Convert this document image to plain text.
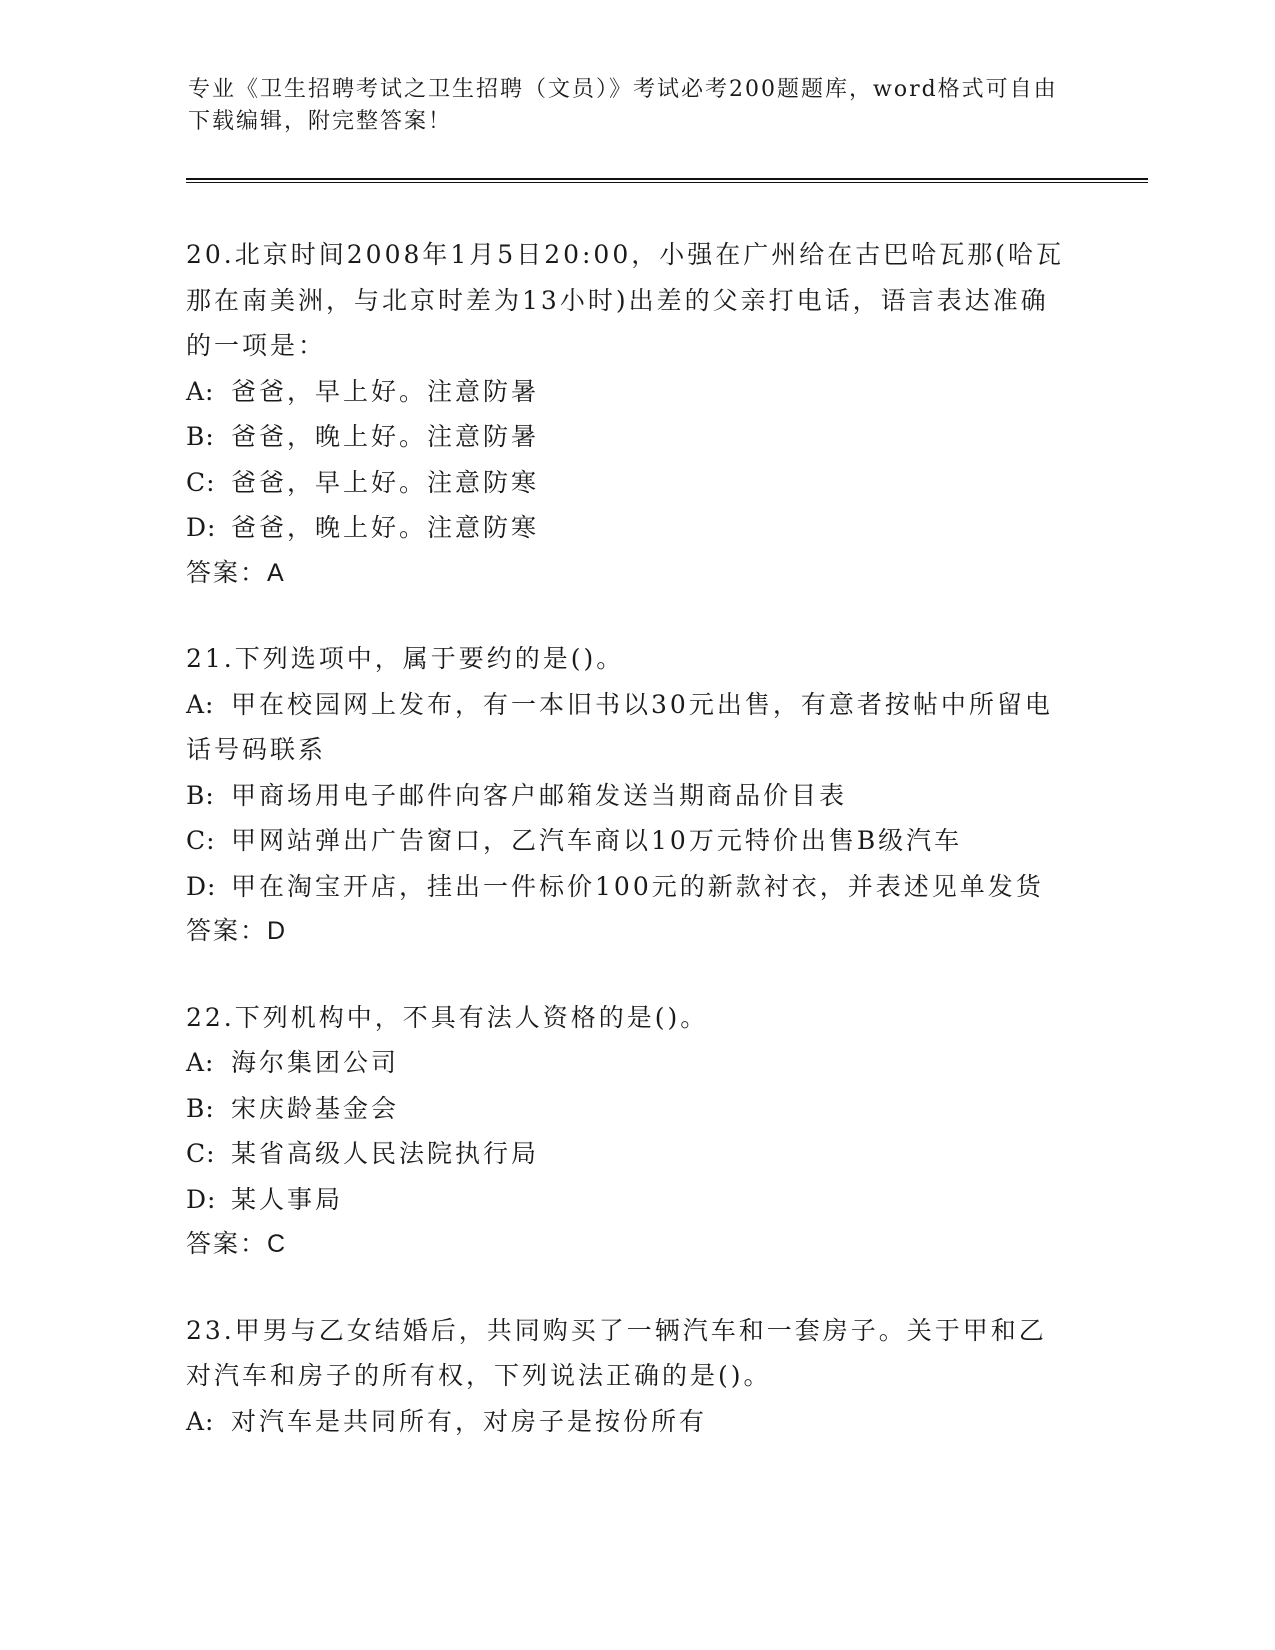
专业《卫生招聘考试之卫生招聘（文员）》考试必考200题题库，word格式可自由下载编辑，附完整答案！
20.北京时间2008年1月5日20:00，小强在广州给在古巴哈瓦那(哈瓦那在南美洲，与北京时差为13小时)出差的父亲打电话，语言表达准确的一项是：
A: 爸爸，早上好。注意防暑
B: 爸爸，晚上好。注意防暑
C: 爸爸，早上好。注意防寒
D: 爸爸，晚上好。注意防寒
答案：A
21.下列选项中，属于要约的是()。
A: 甲在校园网上发布，有一本旧书以30元出售，有意者按帖中所留电话号码联系
B: 甲商场用电子邮件向客户邮箱发送当期商品价目表
C: 甲网站弹出广告窗口，乙汽车商以10万元特价出售B级汽车
D: 甲在淘宝开店，挂出一件标价100元的新款衬衣，并表述见单发货
答案：D
22.下列机构中，不具有法人资格的是()。
A: 海尔集团公司
B: 宋庆龄基金会
C: 某省高级人民法院执行局
D: 某人事局
答案：C
23.甲男与乙女结婚后，共同购买了一辆汽车和一套房子。关于甲和乙对汽车和房子的所有权，下列说法正确的是()。
A: 对汽车是共同所有，对房子是按份所有
